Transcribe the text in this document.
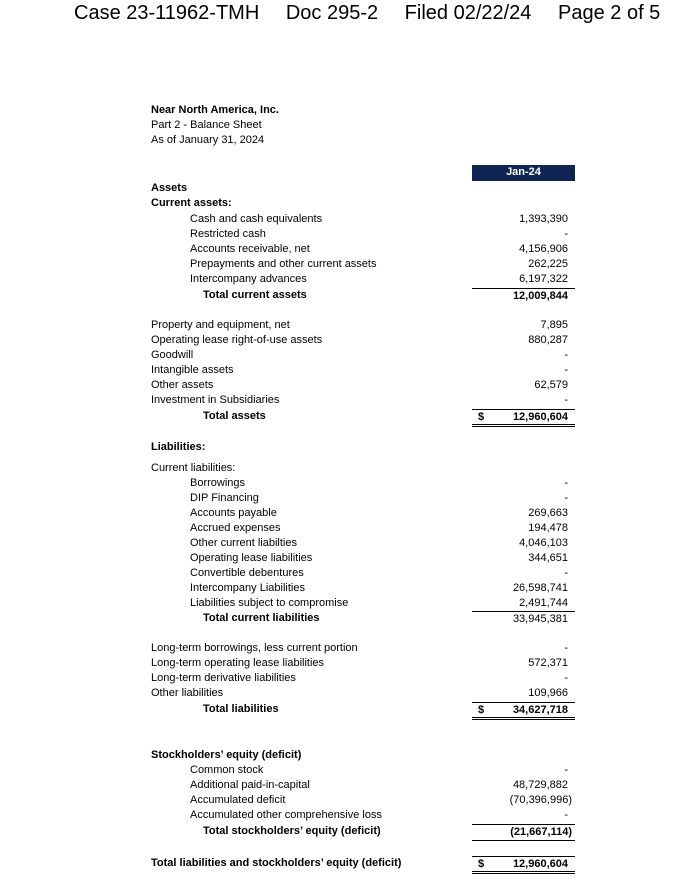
Case 23-11962-TMH Doc 295-2 Filed 02/22/24 Page 2 of 5
Near North America, Inc.
Part 2 - Balance Sheet
As of January 31, 2024
Jan-24
Assets
Current assets:
Cash and cash equivalents	1,393,390
Restricted cash	-
Accounts receivable, net	4,156,906
Prepayments and other current assets	262,225
Intercompany advances	6,197,322
Total current assets	12,009,844
Property and equipment, net	7,895
Operating lease right-of-use assets	880,287
Goodwill	-
Intangible assets	-
Other assets	62,579
Investment in Subsidiaries	-
Total assets	$	12,960,604
Liabilities:
Current liabilities:
Borrowings	-
DIP Financing	-
Accounts payable	269,663
Accrued expenses	194,478
Other current liabilties	4,046,103
Operating lease liabilities	344,651
Convertible debentures	-
Intercompany Liabilities	26,598,741
Liabilities subject to compromise	2,491,744
Total current liabilities	33,945,381
Long-term borrowings, less current portion	-
Long-term operating lease liabilities	572,371
Long-term derivative liabilities	-
Other liabilities	109,966
Total liabilities	$	34,627,718
Stockholders’ equity (deficit)
Common stock	-
Additional paid-in-capital	48,729,882
Accumulated deficit	(70,396,996)
Accumulated other comprehensive loss	-
Total stockholders’ equity (deficit)	(21,667,114)
Total liabilities and stockholders’ equity (deficit)	$	12,960,604
